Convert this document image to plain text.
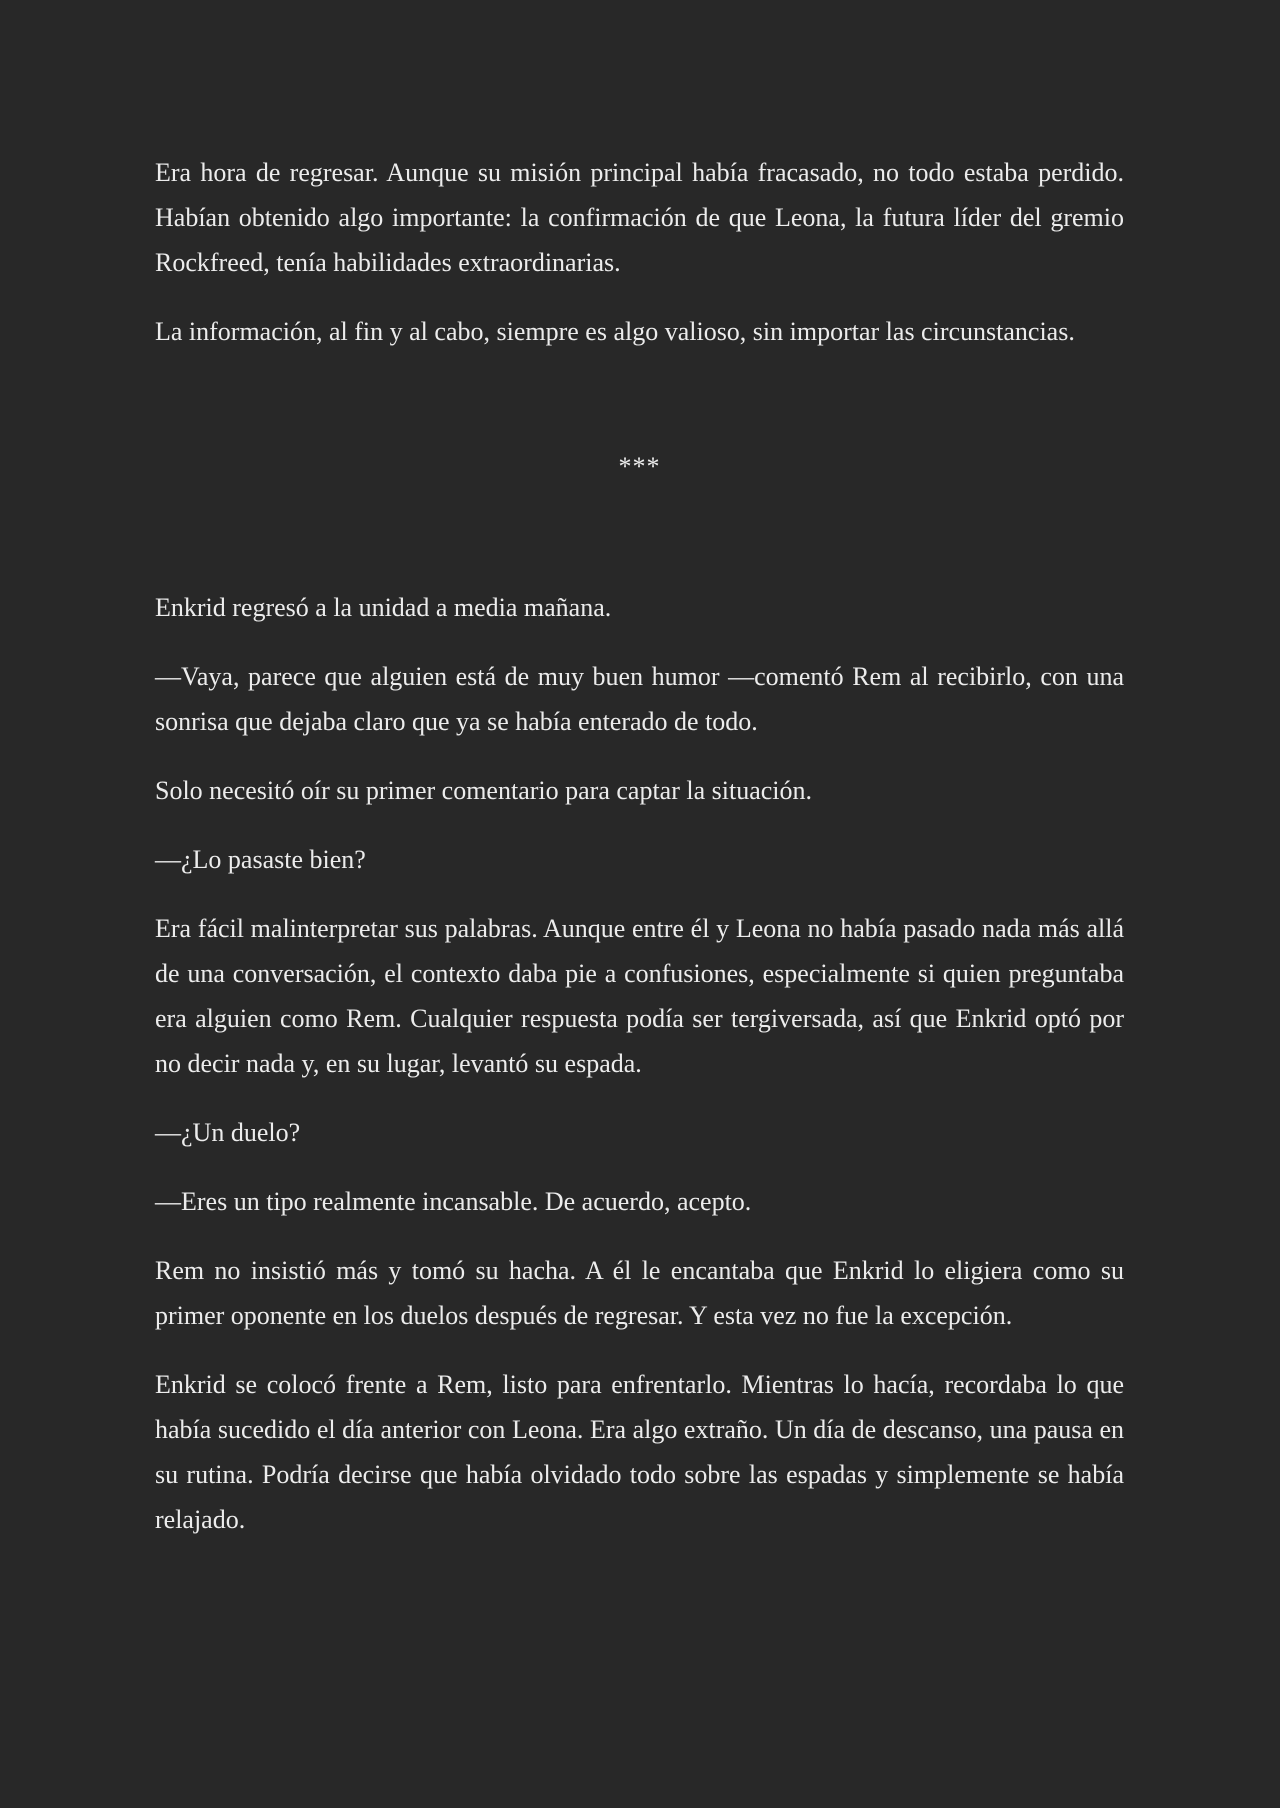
Era hora de regresar. Aunque su misión principal había fracasado, no todo estaba perdido. Habían obtenido algo importante: la confirmación de que Leona, la futura líder del gremio Rockfreed, tenía habilidades extraordinarias.

La información, al fin y al cabo, siempre es algo valioso, sin importar las circunstancias.

***

Enkrid regresó a la unidad a media mañana.

—Vaya, parece que alguien está de muy buen humor —comentó Rem al recibirlo, con una sonrisa que dejaba claro que ya se había enterado de todo.

Solo necesitó oír su primer comentario para captar la situación.

—¿Lo pasaste bien?

Era fácil malinterpretar sus palabras. Aunque entre él y Leona no había pasado nada más allá de una conversación, el contexto daba pie a confusiones, especialmente si quien preguntaba era alguien como Rem. Cualquier respuesta podía ser tergiversada, así que Enkrid optó por no decir nada y, en su lugar, levantó su espada.

—¿Un duelo?

—Eres un tipo realmente incansable. De acuerdo, acepto.

Rem no insistió más y tomó su hacha. A él le encantaba que Enkrid lo eligiera como su primer oponente en los duelos después de regresar. Y esta vez no fue la excepción.

Enkrid se colocó frente a Rem, listo para enfrentarlo. Mientras lo hacía, recordaba lo que había sucedido el día anterior con Leona. Era algo extraño. Un día de descanso, una pausa en su rutina. Podría decirse que había olvidado todo sobre las espadas y simplemente se había relajado.
